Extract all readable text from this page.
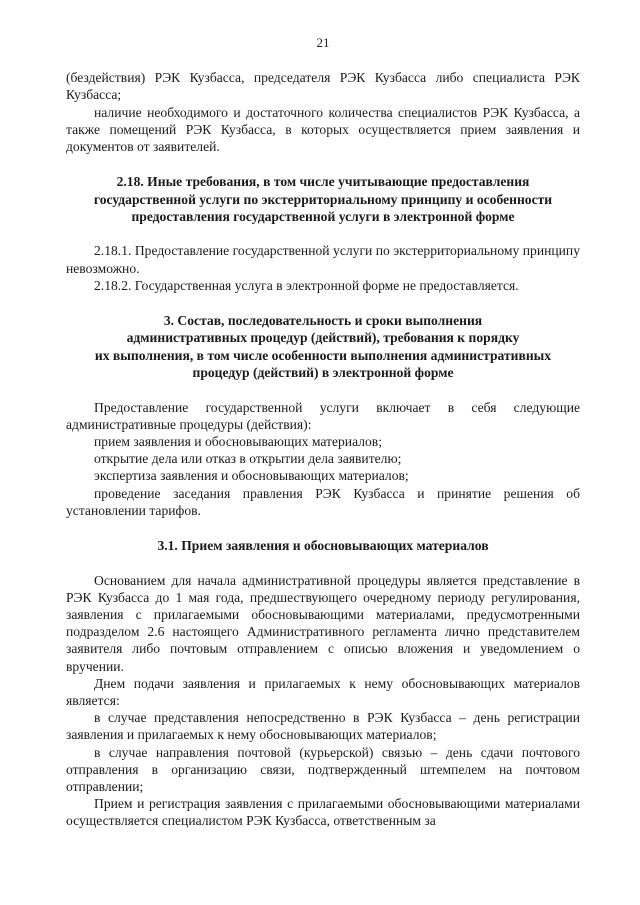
21

(бездействия) РЭК Кузбасса, председателя РЭК Кузбасса либо специалиста РЭК Кузбасса;

наличие необходимого и достаточного количества специалистов РЭК Кузбасса, а также помещений РЭК Кузбасса, в которых осуществляется прием заявления и документов от заявителей.

2.18. Иные требования, в том числе учитывающие предоставления государственной услуги по экстерриториальному принципу и особенности предоставления государственной услуги в электронной форме

2.18.1. Предоставление государственной услуги по экстерриториальному принципу невозможно.

2.18.2. Государственная услуга в электронной форме не предоставляется.

3. Состав, последовательность и сроки выполнения
административных процедур (действий), требования к порядку
их выполнения, в том числе особенности выполнения административных
процедур (действий) в электронной форме

Предоставление государственной услуги включает в себя следующие административные процедуры (действия):

прием заявления и обосновывающих материалов;

открытие дела или отказ в открытии дела заявителю;

экспертиза заявления и обосновывающих материалов;

проведение заседания правления РЭК Кузбасса и принятие решения об установлении тарифов.

3.1. Прием заявления и обосновывающих материалов

Основанием для начала административной процедуры является представление в РЭК Кузбасса до 1 мая года, предшествующего очередному периоду регулирования, заявления с прилагаемыми обосновывающими материалами, предусмотренными подразделом 2.6 настоящего Административного регламента лично представителем заявителя либо почтовым отправлением с описью вложения и уведомлением о вручении.

Днем подачи заявления и прилагаемых к нему обосновывающих материалов является:

в случае представления непосредственно в РЭК Кузбасса – день регистрации заявления и прилагаемых к нему обосновывающих материалов;

в случае направления почтовой (курьерской) связью – день сдачи почтового отправления в организацию связи, подтвержденный штемпелем на почтовом отправлении;

Прием и регистрация заявления с прилагаемыми обосновывающими материалами осуществляется специалистом РЭК Кузбасса, ответственным за
